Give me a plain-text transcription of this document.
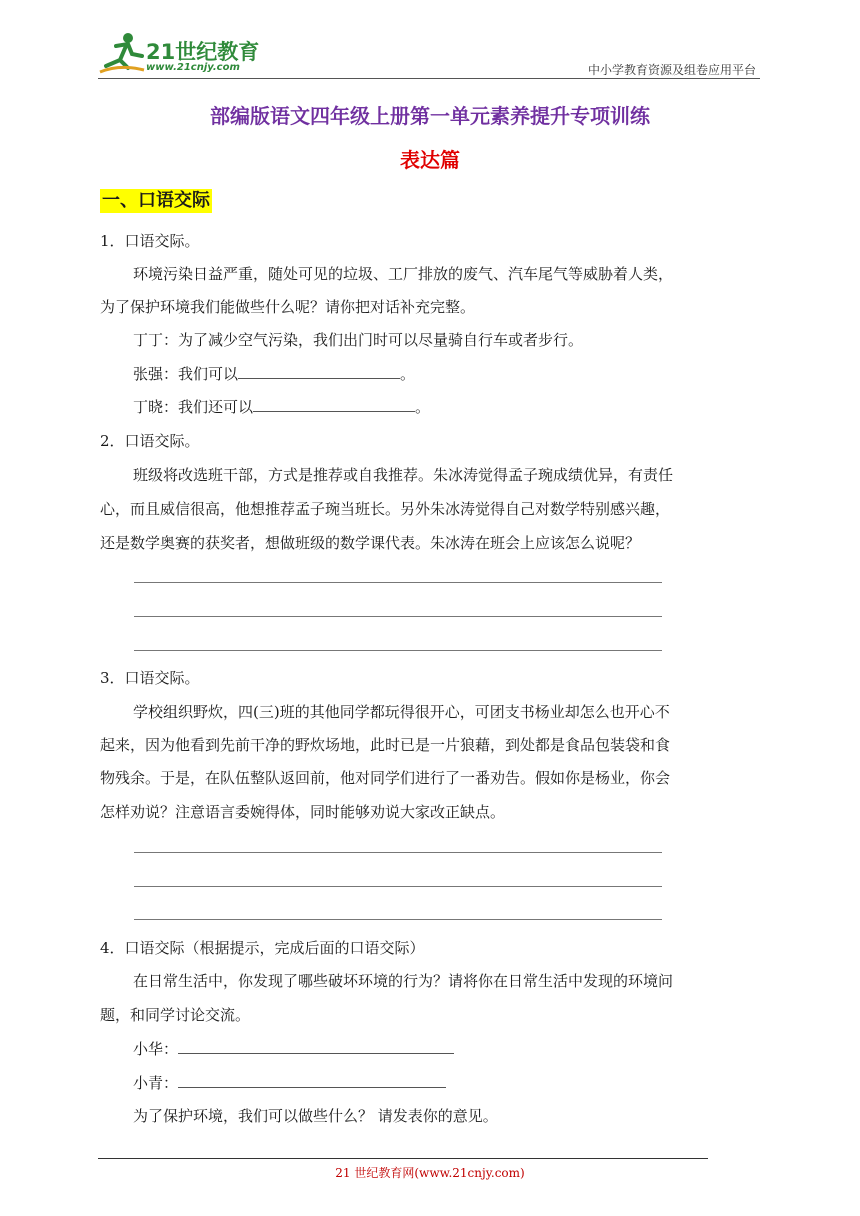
21世纪教育
www.21cnjy.com	中小学教育资源及组卷应用平台
部编版语文四年级上册第一单元素养提升专项训练
表达篇
一、口语交际
1．口语交际。
环境污染日益严重，随处可见的垃圾、工厂排放的废气、汽车尾气等威胁着人类，
为了保护环境我们能做些什么呢？请你把对话补充完整。
丁丁：为了减少空气污染，我们出门时可以尽量骑自行车或者步行。
张强：我们可以	。
丁晓：我们还可以	。
2．口语交际。
班级将改选班干部，方式是推荐或自我推荐。朱冰涛觉得孟子琬成绩优异，有责任
心，而且威信很高，他想推荐孟子琬当班长。另外朱冰涛觉得自己对数学特别感兴趣，
还是数学奥赛的获奖者，想做班级的数学课代表。朱冰涛在班会上应该怎么说呢？
3．口语交际。
学校组织野炊，四(三)班的其他同学都玩得很开心，可团支书杨业却怎么也开心不
起来，因为他看到先前干净的野炊场地，此时已是一片狼藉，到处都是食品包装袋和食
物残余。于是，在队伍整队返回前，他对同学们进行了一番劝告。假如你是杨业，你会
怎样劝说？注意语言委婉得体，同时能够劝说大家改正缺点。
4．口语交际（根据提示，完成后面的口语交际）
在日常生活中，你发现了哪些破坏环境的行为？请将你在日常生活中发现的环境问
题，和同学讨论交流。
小华：
小青：
为了保护环境，我们可以做些什么？ 请发表你的意见。
21 世纪教育网(www.21cnjy.com)
